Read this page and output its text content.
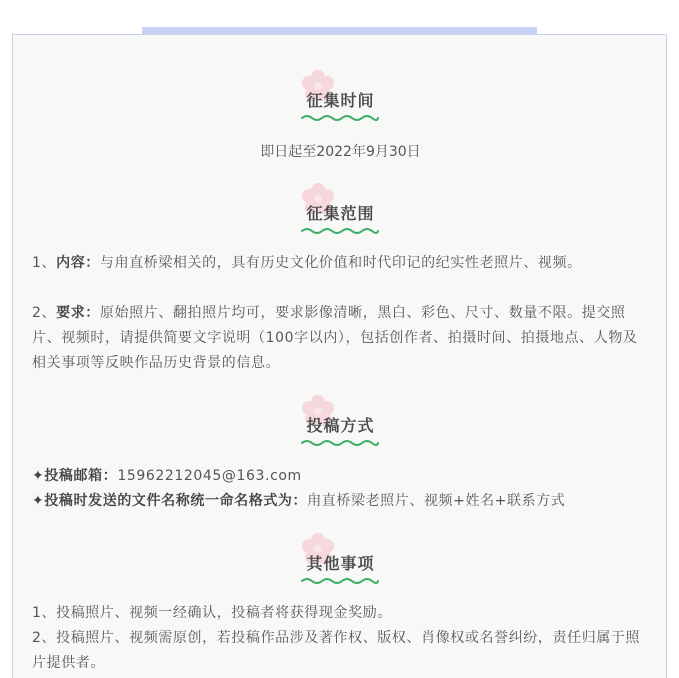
征集时间
即日起至2022年9月30日
征集范围
1、内容：与甪直桥梁相关的，具有历史文化价值和时代印记的纪实性老照片、视频。
2、要求：原始照片、翻拍照片均可，要求影像清晰，黑白、彩色、尺寸、数量不限。提交照片、视频时，请提供简要文字说明（100字以内），包括创作者、拍摄时间、拍摄地点、人物及相关事项等反映作品历史背景的信息。
投稿方式
✦投稿邮箱：15962212045@163.com
✦投稿时发送的文件名称统一命名格式为：甪直桥梁老照片、视频+姓名+联系方式
其他事项
1、投稿照片、视频一经确认，投稿者将获得现金奖励。
2、投稿照片、视频需原创，若投稿作品涉及著作权、版权、肖像权或名誉纠纷，责任归属于照片提供者。
